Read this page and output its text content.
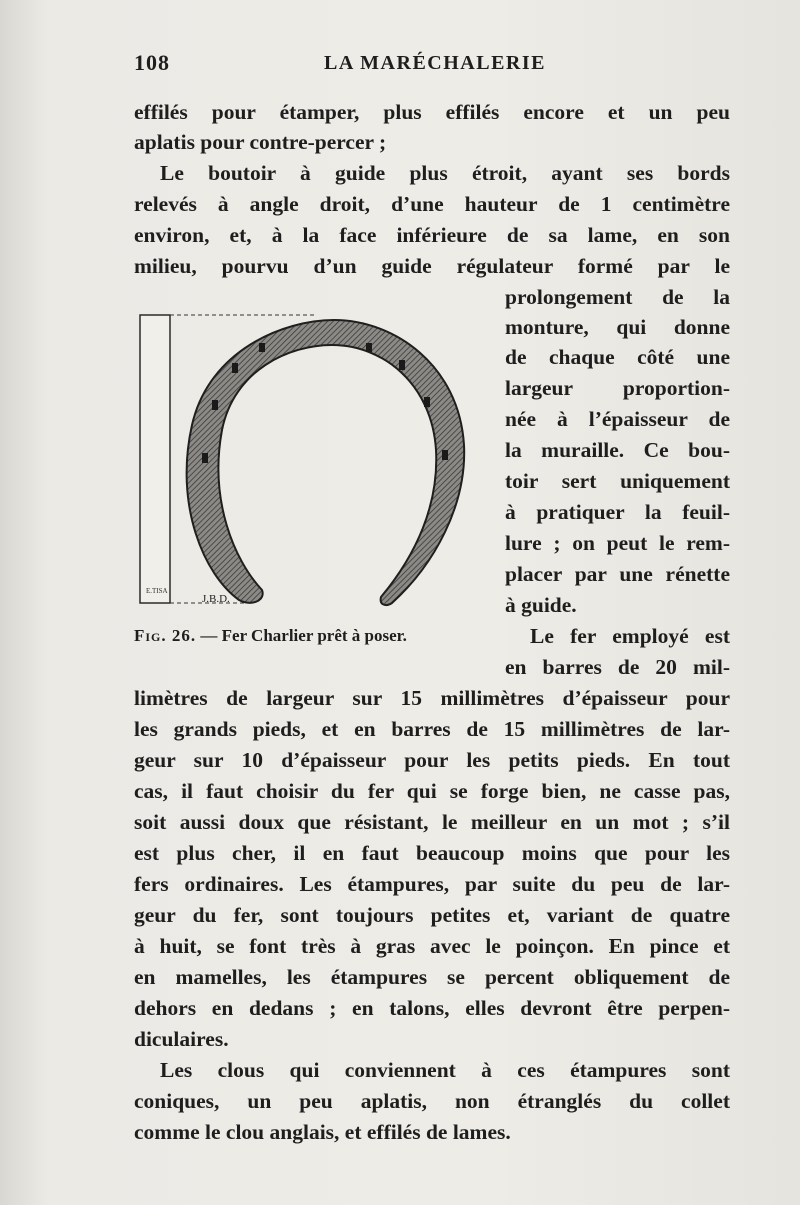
108	LA MARÉCHALERIE
effilés pour étamper, plus effilés encore et un peu
aplatis pour contre-percer ;
Le boutoir à guide plus étroit, ayant ses bords
relevés à angle droit, d’une hauteur de 1 centimètre
environ, et, à la face inférieure de sa lame, en son
milieu, pourvu d’un guide régulateur formé par le
prolongement de la
monture, qui donne
de chaque côté une
largeur proportion-
née à l’épaisseur de
la muraille. Ce bou-
toir sert uniquement
à pratiquer la feuil-
lure ; on peut le rem-
placer par une rénette
à guide.
Le fer employé est
en barres de 20 mil-
E.TISA
J.B.D.
Fig. 26. — Fer Charlier prêt à poser.
limètres de largeur sur 15 millimètres d’épaisseur pour
les grands pieds, et en barres de 15 millimètres de lar-
geur sur 10 d’épaisseur pour les petits pieds. En tout
cas, il faut choisir du fer qui se forge bien, ne casse pas,
soit aussi doux que résistant, le meilleur en un mot ; s’il
est plus cher, il en faut beaucoup moins que pour les
fers ordinaires. Les étampures, par suite du peu de lar-
geur du fer, sont toujours petites et, variant de quatre
à huit, se font très à gras avec le poinçon. En pince et
en mamelles, les étampures se percent obliquement de
dehors en dedans ; en talons, elles devront être perpen-
diculaires.
Les clous qui conviennent à ces étampures sont
coniques, un peu aplatis, non étranglés du collet
comme le clou anglais, et effilés de lames.
